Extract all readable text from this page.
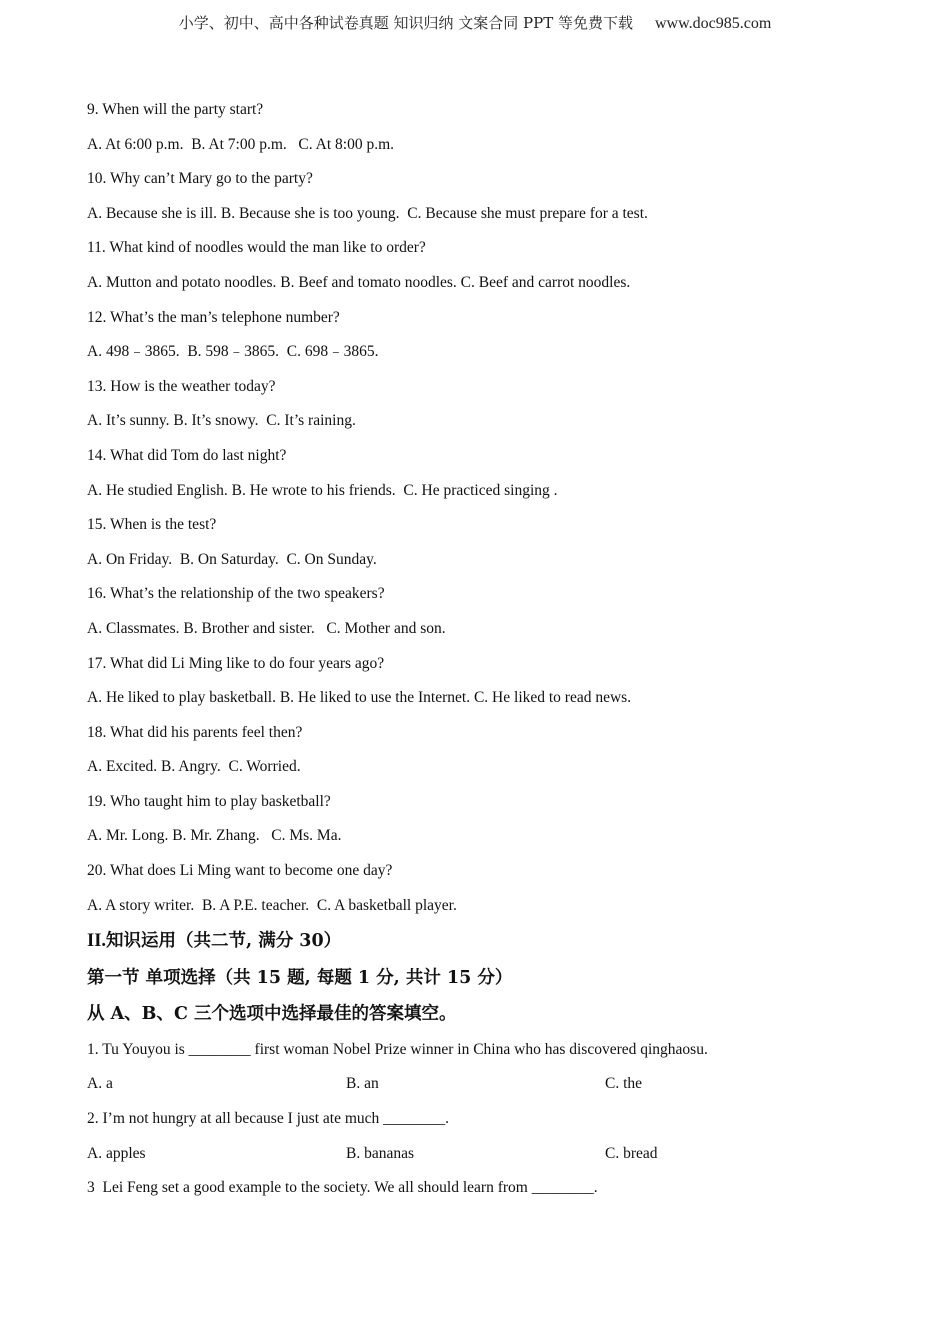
小学、初中、高中各种试卷真题 知识归纳 文案合同 PPT 等免费下载 www.doc985.com
9. When will the party start?
A. At 6:00 p.m.  B. At 7:00 p.m.   C. At 8:00 p.m.
10. Why can’t Mary go to the party?
A. Because she is ill. B. Because she is too young.  C. Because she must prepare for a test.
11. What kind of noodles would the man like to order?
A. Mutton and potato noodles. B. Beef and tomato noodles. C. Beef and carrot noodles.
12. What’s the man’s telephone number?
A. 498﹣3865.  B. 598﹣3865.  C. 698﹣3865.
13. How is the weather today?
A. It’s sunny. B. It’s snowy.  C. It’s raining.
14. What did Tom do last night?
A. He studied English. B. He wrote to his friends.  C. He practiced singing .
15. When is the test?
A. On Friday.  B. On Saturday.  C. On Sunday.
16. What’s the relationship of the two speakers?
A. Classmates. B. Brother and sister.   C. Mother and son.
17. What did Li Ming like to do four years ago?
A. He liked to play basketball. B. He liked to use the Internet. C. He liked to read news.
18. What did his parents feel then?
A. Excited. B. Angry.  C. Worried.
19. Who taught him to play basketball?
A. Mr. Long. B. Mr. Zhang.   C. Ms. Ma.
20. What does Li Ming want to become one day?
A. A story writer.  B. A P.E. teacher.  C. A basketball player.
II.知识运用（共二节, 满分 30）
第一节 单项选择（共 15 题, 每题 1 分, 共计 15 分）
从 A、B、C 三个选项中选择最佳的答案填空。
1. Tu Youyou is ________ first woman Nobel Prize winner in China who has discovered qinghaosu.
A. a	B. an	C. the
2. I’m not hungry at all because I just ate much ________.
A. apples	B. bananas	C. bread
3  Lei Feng set a good example to the society. We all should learn from ________.
